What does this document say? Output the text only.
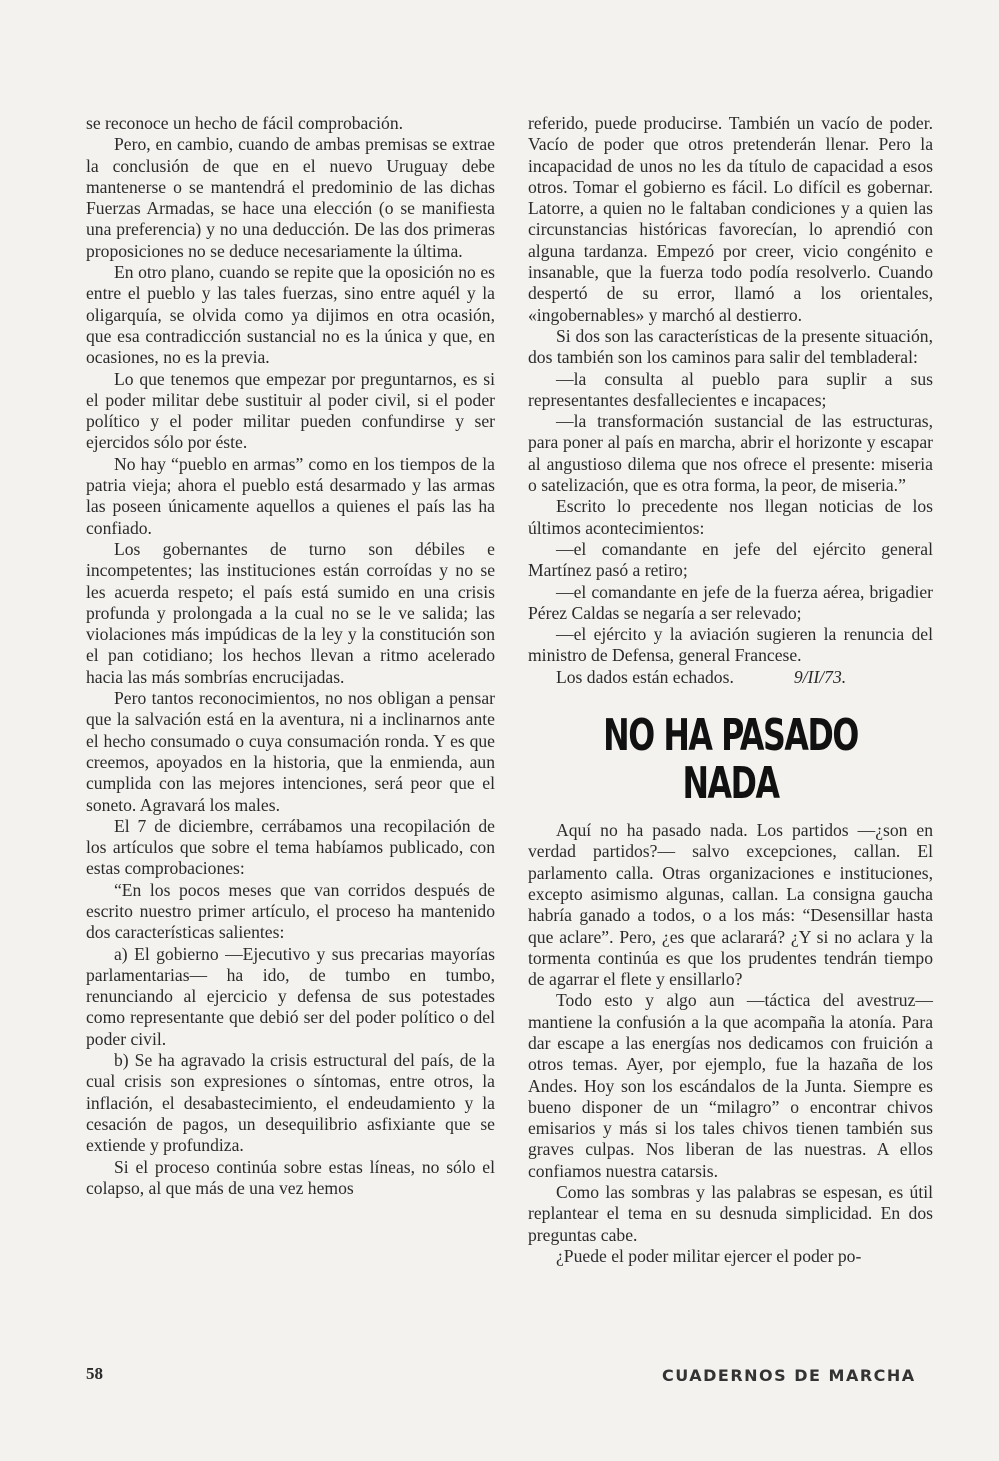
se reconoce un hecho de fácil comprobación.

Pero, en cambio, cuando de ambas premisas se extrae la conclusión de que en el nuevo Uruguay debe mantenerse o se mantendrá el predominio de las dichas Fuerzas Armadas, se hace una elección (o se manifiesta una preferencia) y no una deducción. De las dos primeras proposiciones no se deduce necesariamente la última.

En otro plano, cuando se repite que la oposición no es entre el pueblo y las tales fuerzas, sino entre aquél y la oligarquía, se olvida como ya dijimos en otra ocasión, que esa contradicción sustancial no es la única y que, en ocasiones, no es la previa.

Lo que tenemos que empezar por preguntarnos, es si el poder militar debe sustituir al poder civil, si el poder político y el poder militar pueden confundirse y ser ejercidos sólo por éste.

No hay “pueblo en armas” como en los tiempos de la patria vieja; ahora el pueblo está desarmado y las armas las poseen únicamente aquellos a quienes el país las ha confiado.

Los gobernantes de turno son débiles e incompetentes; las instituciones están corroídas y no se les acuerda respeto; el país está sumido en una crisis profunda y prolongada a la cual no se le ve salida; las violaciones más impúdicas de la ley y la constitución son el pan cotidiano; los hechos llevan a ritmo acelerado hacia las más sombrías encrucijadas.

Pero tantos reconocimientos, no nos obligan a pensar que la salvación está en la aventura, ni a inclinarnos ante el hecho consumado o cuya consumación ronda. Y es que creemos, apoyados en la historia, que la enmienda, aun cumplida con las mejores intenciones, será peor que el soneto. Agravará los males.

El 7 de diciembre, cerrábamos una recopilación de los artículos que sobre el tema habíamos publicado, con estas comprobaciones:

“En los pocos meses que van corridos después de escrito nuestro primer artículo, el proceso ha mantenido dos características salientes:

a) El gobierno —Ejecutivo y sus precarias mayorías parlamentarias— ha ido, de tumbo en tumbo, renunciando al ejercicio y defensa de sus potestades como representante que debió ser del poder político o del poder civil.

b) Se ha agravado la crisis estructural del país, de la cual crisis son expresiones o síntomas, entre otros, la inflación, el desabastecimiento, el endeudamiento y la cesación de pagos, un desequilibrio asfixiante que se extiende y profundiza.

Si el proceso continúa sobre estas líneas, no sólo el colapso, al que más de una vez hemos

referido, puede producirse. También un vacío de poder. Vacío de poder que otros pretenderán llenar. Pero la incapacidad de unos no les da título de capacidad a esos otros. Tomar el gobierno es fácil. Lo difícil es gobernar. Latorre, a quien no le faltaban condiciones y a quien las circunstancias históricas favorecían, lo aprendió con alguna tardanza. Empezó por creer, vicio congénito e insanable, que la fuerza todo podía resolverlo. Cuando despertó de su error, llamó a los orientales, «ingobernables» y marchó al destierro.

Si dos son las características de la presente situación, dos también son los caminos para salir del tembladeral:

—la consulta al pueblo para suplir a sus representantes desfallecientes e incapaces;

—la transformación sustancial de las estructuras, para poner al país en marcha, abrir el horizonte y escapar al angustioso dilema que nos ofrece el presente: miseria o satelización, que es otra forma, la peor, de miseria.”

Escrito lo precedente nos llegan noticias de los últimos acontecimientos:

—el comandante en jefe del ejército general Martínez pasó a retiro;

—el comandante en jefe de la fuerza aérea, brigadier Pérez Caldas se negaría a ser relevado;

—el ejército y la aviación sugieren la renuncia del ministro de Defensa, general Francese.

Los dados están echados.	9/II/73.

NO HA PASADO NADA

Aquí no ha pasado nada. Los partidos —¿son en verdad partidos?— salvo excepciones, callan. El parlamento calla. Otras organizaciones e instituciones, excepto asimismo algunas, callan. La consigna gaucha habría ganado a todos, o a los más: “Desensillar hasta que aclare”. Pero, ¿es que aclarará? ¿Y si no aclara y la tormenta continúa es que los prudentes tendrán tiempo de agarrar el flete y ensillarlo?

Todo esto y algo aun —táctica del avestruz— mantiene la confusión a la que acompaña la atonía. Para dar escape a las energías nos dedicamos con fruición a otros temas. Ayer, por ejemplo, fue la hazaña de los Andes. Hoy son los escándalos de la Junta. Siempre es bueno disponer de un “milagro” o encontrar chivos emisarios y más si los tales chivos tienen también sus graves culpas. Nos liberan de las nuestras. A ellos confiamos nuestra catarsis.

Como las sombras y las palabras se espesan, es útil replantear el tema en su desnuda simplicidad. En dos preguntas cabe.

¿Puede el poder militar ejercer el poder po-

58	CUADERNOS DE MARCHA
